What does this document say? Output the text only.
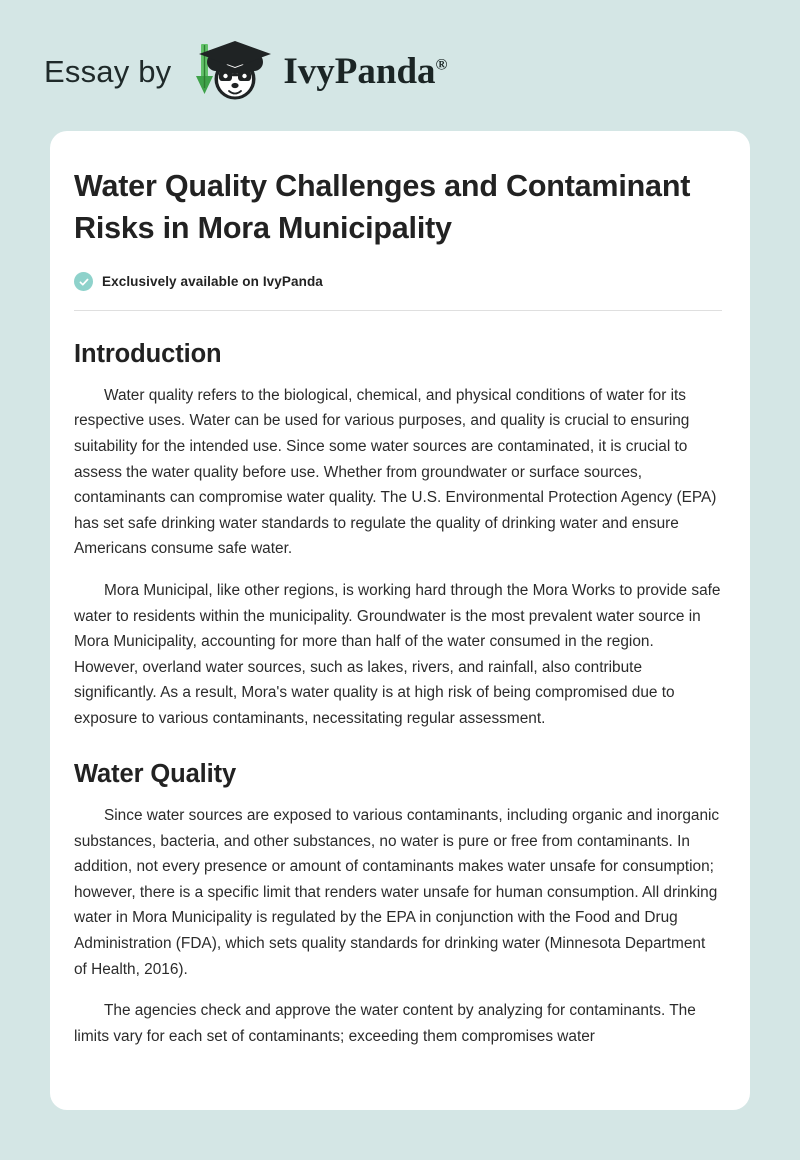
Essay by	IvyPanda®
Water Quality Challenges and Contaminant Risks in Mora Municipality
Exclusively available on IvyPanda
Introduction

Water quality refers to the biological, chemical, and physical conditions of water for its respective uses. Water can be used for various purposes, and quality is crucial to ensuring suitability for the intended use. Since some water sources are contaminated, it is crucial to assess the water quality before use. Whether from groundwater or surface sources, contaminants can compromise water quality. The U.S. Environmental Protection Agency (EPA) has set safe drinking water standards to regulate the quality of drinking water and ensure Americans consume safe water.

Mora Municipal, like other regions, is working hard through the Mora Works to provide safe water to residents within the municipality. Groundwater is the most prevalent water source in Mora Municipality, accounting for more than half of the water consumed in the region. However, overland water sources, such as lakes, rivers, and rainfall, also contribute significantly. As a result, Mora's water quality is at high risk of being compromised due to exposure to various contaminants, necessitating regular assessment.

Water Quality

Since water sources are exposed to various contaminants, including organic and inorganic substances, bacteria, and other substances, no water is pure or free from contaminants. In addition, not every presence or amount of contaminants makes water unsafe for consumption; however, there is a specific limit that renders water unsafe for human consumption. All drinking water in Mora Municipality is regulated by the EPA in conjunction with the Food and Drug Administration (FDA), which sets quality standards for drinking water (Minnesota Department of Health, 2016).

The agencies check and approve the water content by analyzing for contaminants. The limits vary for each set of contaminants; exceeding them compromises water
